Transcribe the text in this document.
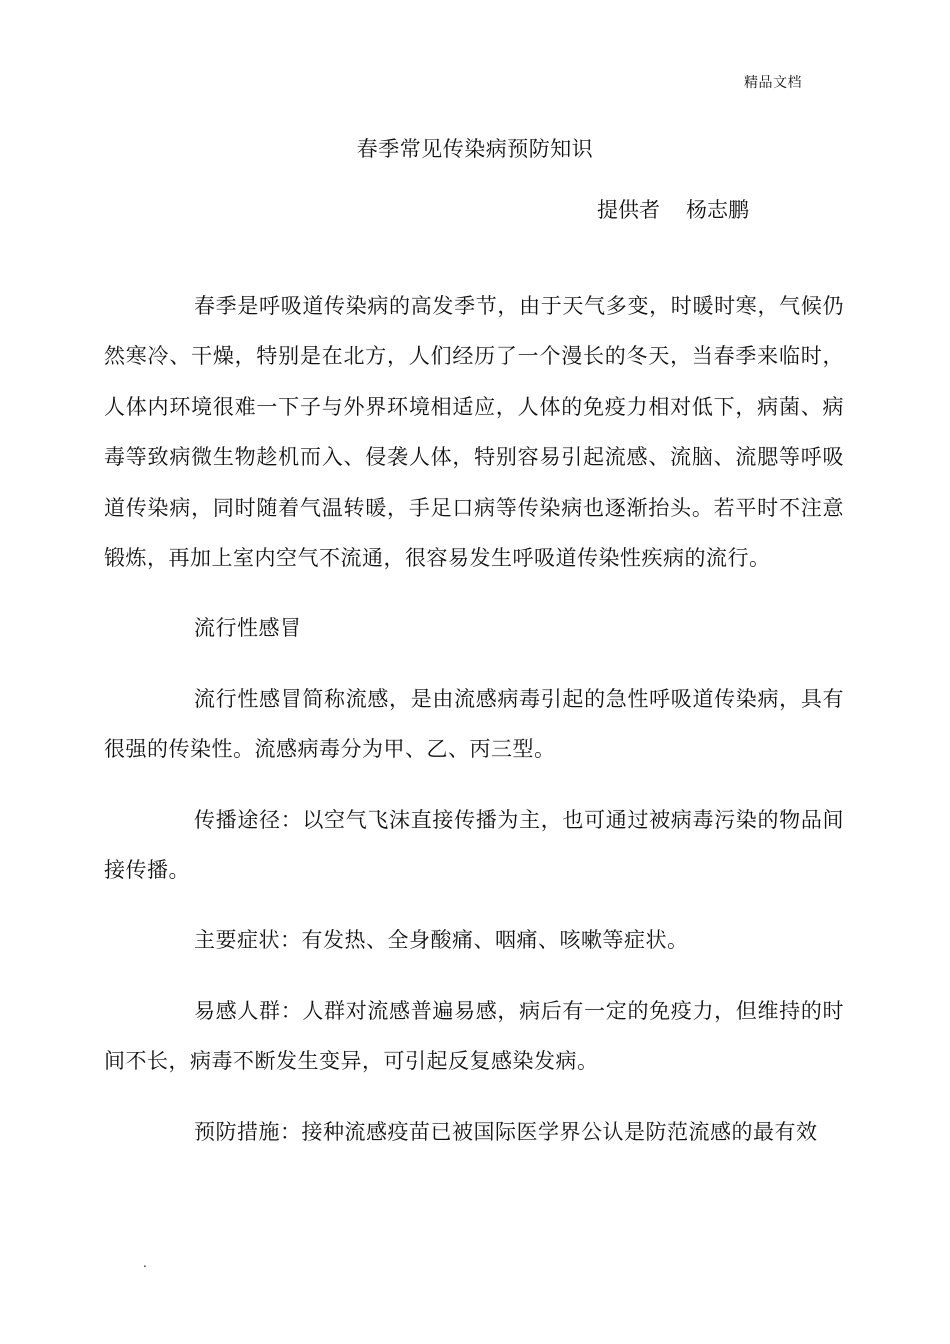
精品文档
春季常见传染病预防知识
提供者 杨志鹏

春季是呼吸道传染病的高发季节，由于天气多变，时暖时寒，气候仍然寒冷、干燥，特别是在北方，人们经历了一个漫长的冬天，当春季来临时，人体内环境很难一下子与外界环境相适应，人体的免疫力相对低下，病菌、病毒等致病微生物趁机而入、侵袭人体，特别容易引起流感、流脑、流腮等呼吸道传染病，同时随着气温转暖，手足口病等传染病也逐渐抬头。若平时不注意锻炼，再加上室内空气不流通，很容易发生呼吸道传染性疾病的流行。

流行性感冒

流行性感冒简称流感，是由流感病毒引起的急性呼吸道传染病，具有很强的传染性。流感病毒分为甲、乙、丙三型。

传播途径：以空气飞沫直接传播为主，也可通过被病毒污染的物品间接传播。

主要症状：有发热、全身酸痛、咽痛、咳嗽等症状。

易感人群：人群对流感普遍易感，病后有一定的免疫力，但维持的时间不长，病毒不断发生变异，可引起反复感染发病。

预防措施：接种流感疫苗已被国际医学界公认是防范流感的最有效

.
